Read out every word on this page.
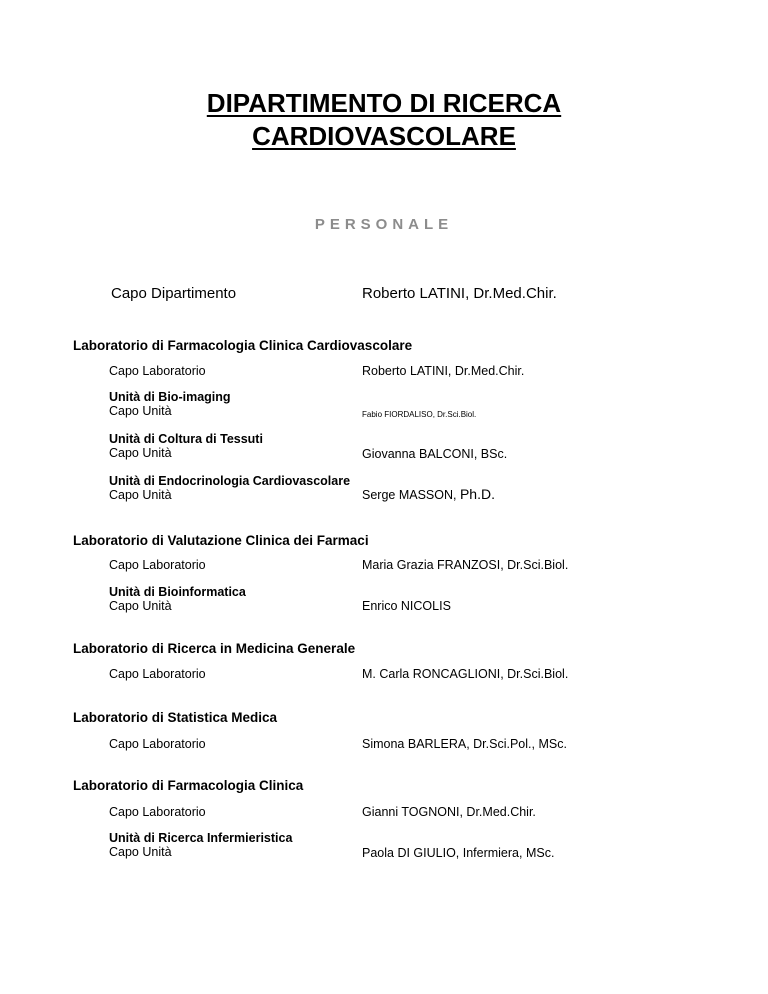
DIPARTIMENTO DI RICERCA
CARDIOVASCOLARE
PERSONALE
Capo Dipartimento	Roberto LATINI, Dr.Med.Chir.
Laboratorio di Farmacologia Clinica Cardiovascolare
Capo Laboratorio	Roberto LATINI, Dr.Med.Chir.
Unità di Bio-imaging
Capo Unità	Fabio FIORDALISO, Dr.Sci.Biol.
Unità di Coltura di Tessuti
Capo Unità	Giovanna BALCONI, BSc.
Unità di Endocrinologia Cardiovascolare
Capo Unità	Serge MASSON, Ph.D.
Laboratorio di Valutazione Clinica dei Farmaci
Capo Laboratorio	Maria Grazia FRANZOSI, Dr.Sci.Biol.
Unità di Bioinformatica
Capo Unità	Enrico NICOLIS
Laboratorio di Ricerca in Medicina Generale
Capo Laboratorio	M. Carla RONCAGLIONI, Dr.Sci.Biol.
Laboratorio di Statistica Medica
Capo Laboratorio	Simona BARLERA, Dr.Sci.Pol., MSc.
Laboratorio di Farmacologia Clinica
Capo Laboratorio	Gianni TOGNONI, Dr.Med.Chir.
Unità di Ricerca Infermieristica
Capo Unità	Paola DI GIULIO, Infermiera, MSc.
